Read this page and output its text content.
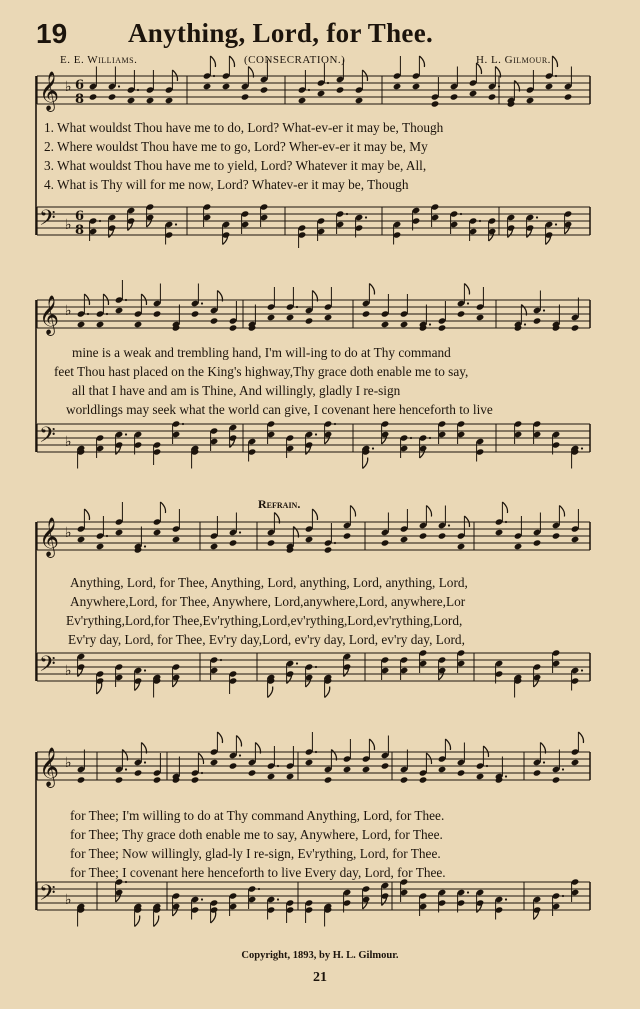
19 Anything, Lord, for Thee.
E. E. Williams.	(CONSECRATION.)	H. L. Gilmour.
𝄞 ♭ 6
8
𝄢 ♭
6
8
𝄞 ♭
𝄢 ♭
𝄞 ♭
𝄢 ♭
𝄞 ♭
𝄢 ♭
1. What wouldst Thou have me to do, Lord? What-ev-er it may be, Though
2. Where wouldst Thou have me to go, Lord? Wher-ev-er it may be, My
3. What wouldst Thou have me to yield, Lord? Whatever it may be, All,
4. What is Thy will for me now, Lord? Whatev-er it may be, Though
mine is a weak and trembling hand, I'm will-ing to do at Thy command
feet Thou hast placed on the King's highway,Thy grace doth enable me to say,
all that I have and am is Thine, And willingly, gladly I re-sign
worldlings may seek what the world can give, I covenant here henceforth to live
Refrain.
Anything, Lord, for Thee, Anything, Lord, anything, Lord, anything, Lord,
Anywhere,Lord, for Thee, Anywhere, Lord,anywhere,Lord, anywhere,Lor
Ev'rything,Lord,for Thee,Ev'rything,Lord,ev'rything,Lord,ev'rything,Lord,
Ev'ry day, Lord, for Thee, Ev'ry day,Lord, ev'ry day, Lord, ev'ry day, Lord,
for Thee; I'm willing to do at Thy command Anything, Lord, for Thee.
for Thee; Thy grace doth enable me to say, Anywhere, Lord, for Thee.
for Thee; Now willingly, glad-ly I re-sign, Ev'rything, Lord, for Thee.
for Thee; I covenant here henceforth to live Every day, Lord, for Thee.
Copyright, 1893, by H. L. Gilmour.
21
